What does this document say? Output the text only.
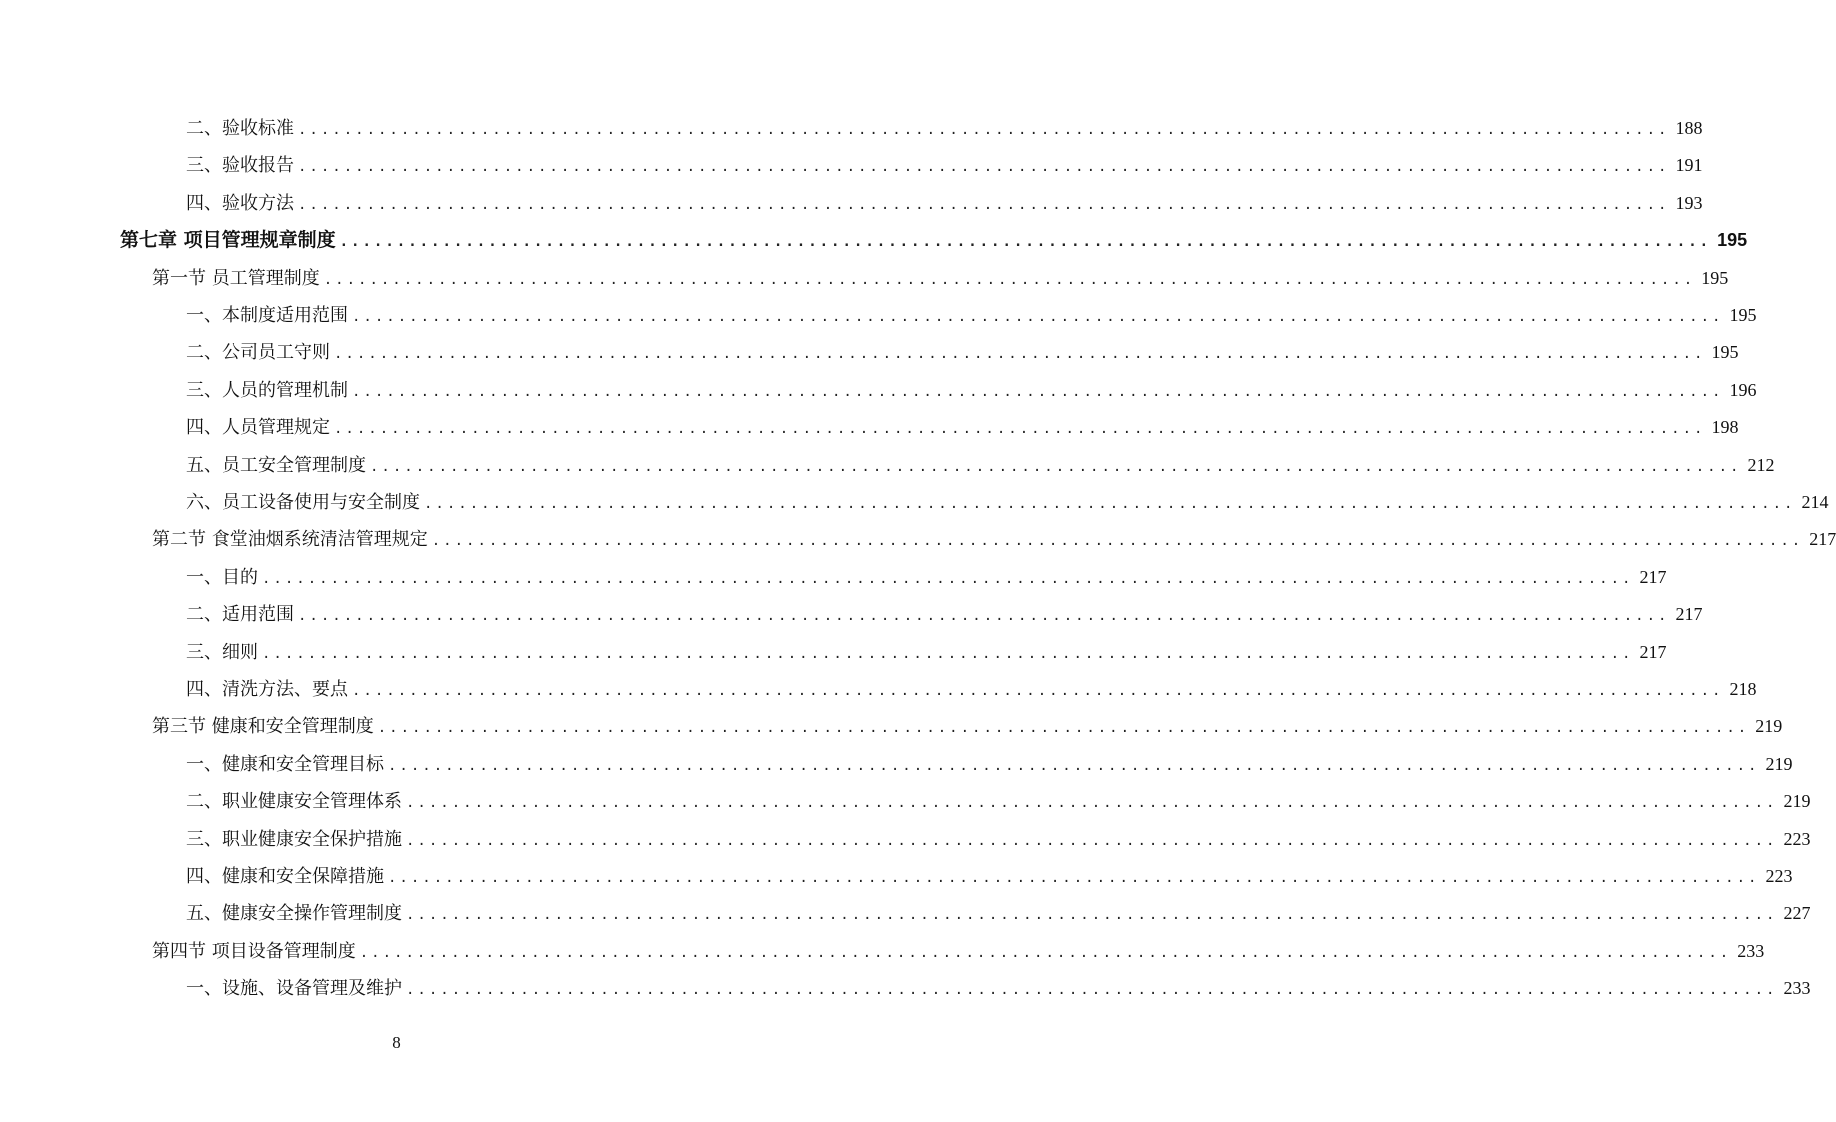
二、验收标准 ........................................................................................................................ 188
三、验收报告 ........................................................................................................................ 191
四、验收方法 ........................................................................................................................ 193
第七章 项目管理规章制度 ........................................................................................................................ 195
第一节 员工管理制度 ........................................................................................................................ 195
一、本制度适用范围 ........................................................................................................................ 195
二、公司员工守则 ........................................................................................................................ 195
三、人员的管理机制 ........................................................................................................................ 196
四、人员管理规定 ........................................................................................................................ 198
五、员工安全管理制度 ........................................................................................................................ 212
六、员工设备使用与安全制度 ........................................................................................................................ 214
第二节 食堂油烟系统清洁管理规定 ........................................................................................................................ 217
一、目的 ........................................................................................................................ 217
二、适用范围 ........................................................................................................................ 217
三、细则 ........................................................................................................................ 217
四、清洗方法、要点 ........................................................................................................................ 218
第三节 健康和安全管理制度 ........................................................................................................................ 219
一、健康和安全管理目标 ........................................................................................................................ 219
二、职业健康安全管理体系 ........................................................................................................................ 219
三、职业健康安全保护措施 ........................................................................................................................ 223
四、健康和安全保障措施 ........................................................................................................................ 223
五、健康安全操作管理制度 ........................................................................................................................ 227
第四节 项目设备管理制度 ........................................................................................................................ 233
一、设施、设备管理及维护 ........................................................................................................................ 233
8
